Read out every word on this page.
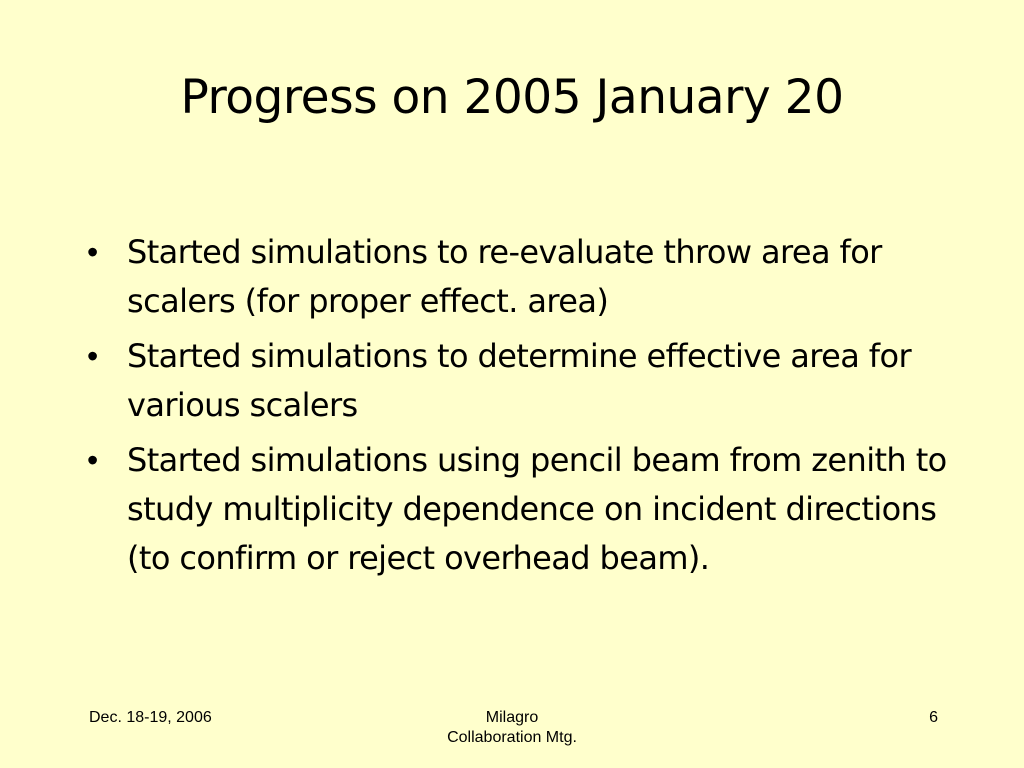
Progress on 2005 January 20
• Started simulations to re-evaluate throw area for scalers (for proper effect. area)
• Started simulations to determine effective area for various scalers
• Started simulations using pencil beam from zenith to study multiplicity dependence on incident directions (to confirm or reject overhead beam).
Dec. 18-19, 2006	Milagro
Collaboration Mtg.
6
